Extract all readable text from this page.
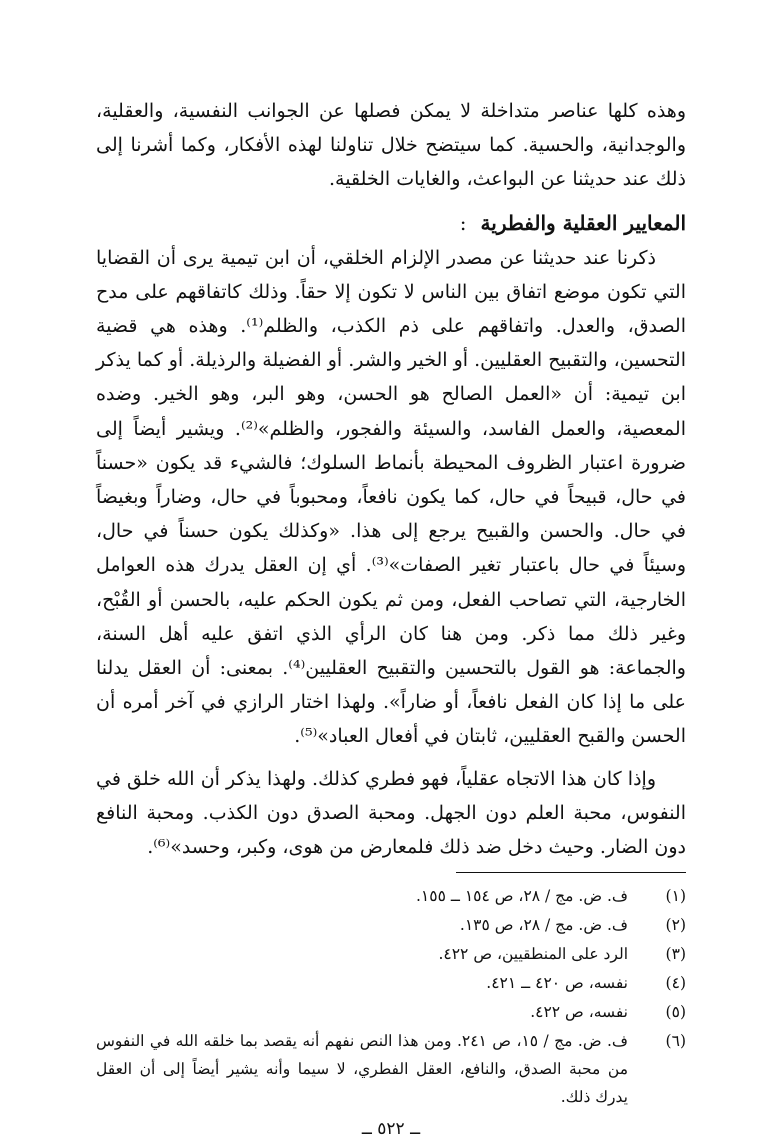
وهذه كلها عناصر متداخلة لا يمكن فصلها عن الجوانب النفسية، والعقلية، والوجدانية، والحسية. كما سيتضح خلال تناولنا لهذه الأفكار، وكما أشرنا إلى ذلك عند حديثنا عن البواعث، والغايات الخلقية.

المعايير العقلية والفطرية:

ذكرنا عند حديثنا عن مصدر الإلزام الخلقي، أن ابن تيمية يرى أن القضايا التي تكون موضع اتفاق بين الناس لا تكون إلا حقاً. وذلك كاتفاقهم على مدح الصدق، والعدل. واتفاقهم على ذم الكذب، والظلم⁽¹⁾. وهذه هي قضية التحسين، والتقبيح العقليين. أو الخير والشر. أو الفضيلة والرذيلة. أو كما يذكر ابن تيمية: أن «العمل الصالح هو الحسن، وهو البر، وهو الخير. وضده المعصية، والعمل الفاسد، والسيئة والفجور، والظلم»⁽²⁾. ويشير أيضاً إلى ضرورة اعتبار الظروف المحيطة بأنماط السلوك؛ فالشيء قد يكون «حسناً في حال، قبيحاً في حال، كما يكون نافعاً، ومحبوباً في حال، وضاراً وبغيضاً في حال. والحسن والقبيح يرجع إلى هذا. «وكذلك يكون حسناً في حال، وسيئاً في حال باعتبار تغير الصفات»⁽³⁾. أي إن العقل يدرك هذه العوامل الخارجية، التي تصاحب الفعل، ومن ثم يكون الحكم عليه، بالحسن أو القُبْح، وغير ذلك مما ذكر. ومن هنا كان الرأي الذي اتفق عليه أهل السنة، والجماعة: هو القول بالتحسين والتقبيح العقليين⁽⁴⁾. بمعنى: أن العقل يدلنا على ما إذا كان الفعل نافعاً، أو ضاراً». ولهذا اختار الرازي في آخر أمره أن الحسن والقبح العقليين، ثابتان في أفعال العباد»⁽⁵⁾.

وإذا كان هذا الاتجاه عقلياً، فهو فطري كذلك. ولهذا يذكر أن الله خلق في النفوس، محبة العلم دون الجهل. ومحبة الصدق دون الكذب. ومحبة النافع دون الضار. وحيث دخل ضد ذلك فلمعارض من هوى، وكبر، وحسد»⁽⁶⁾.

(١)
ف. ض. مج / ٢٨، ص ١٥٤ ــ ١٥٥.
(٢)
ف. ض. مج / ٢٨، ص ١٣٥.
(٣)
الرد على المنطقيين، ص ٤٢٢.
(٤)
نفسه، ص ٤٢٠ ــ ٤٢١.
(٥)
نفسه، ص ٤٢٢.
(٦)
ف. ض. مج / ١٥، ص ٢٤١. ومن هذا النص نفهم أنه يقصد بما خلقه الله في النفوس من محبة الصدق، والنافع، العقل الفطري، لا سيما وأنه يشير أيضاً إلى أن العقل يدرك ذلك.
ــ ٥٢٢ ــ
